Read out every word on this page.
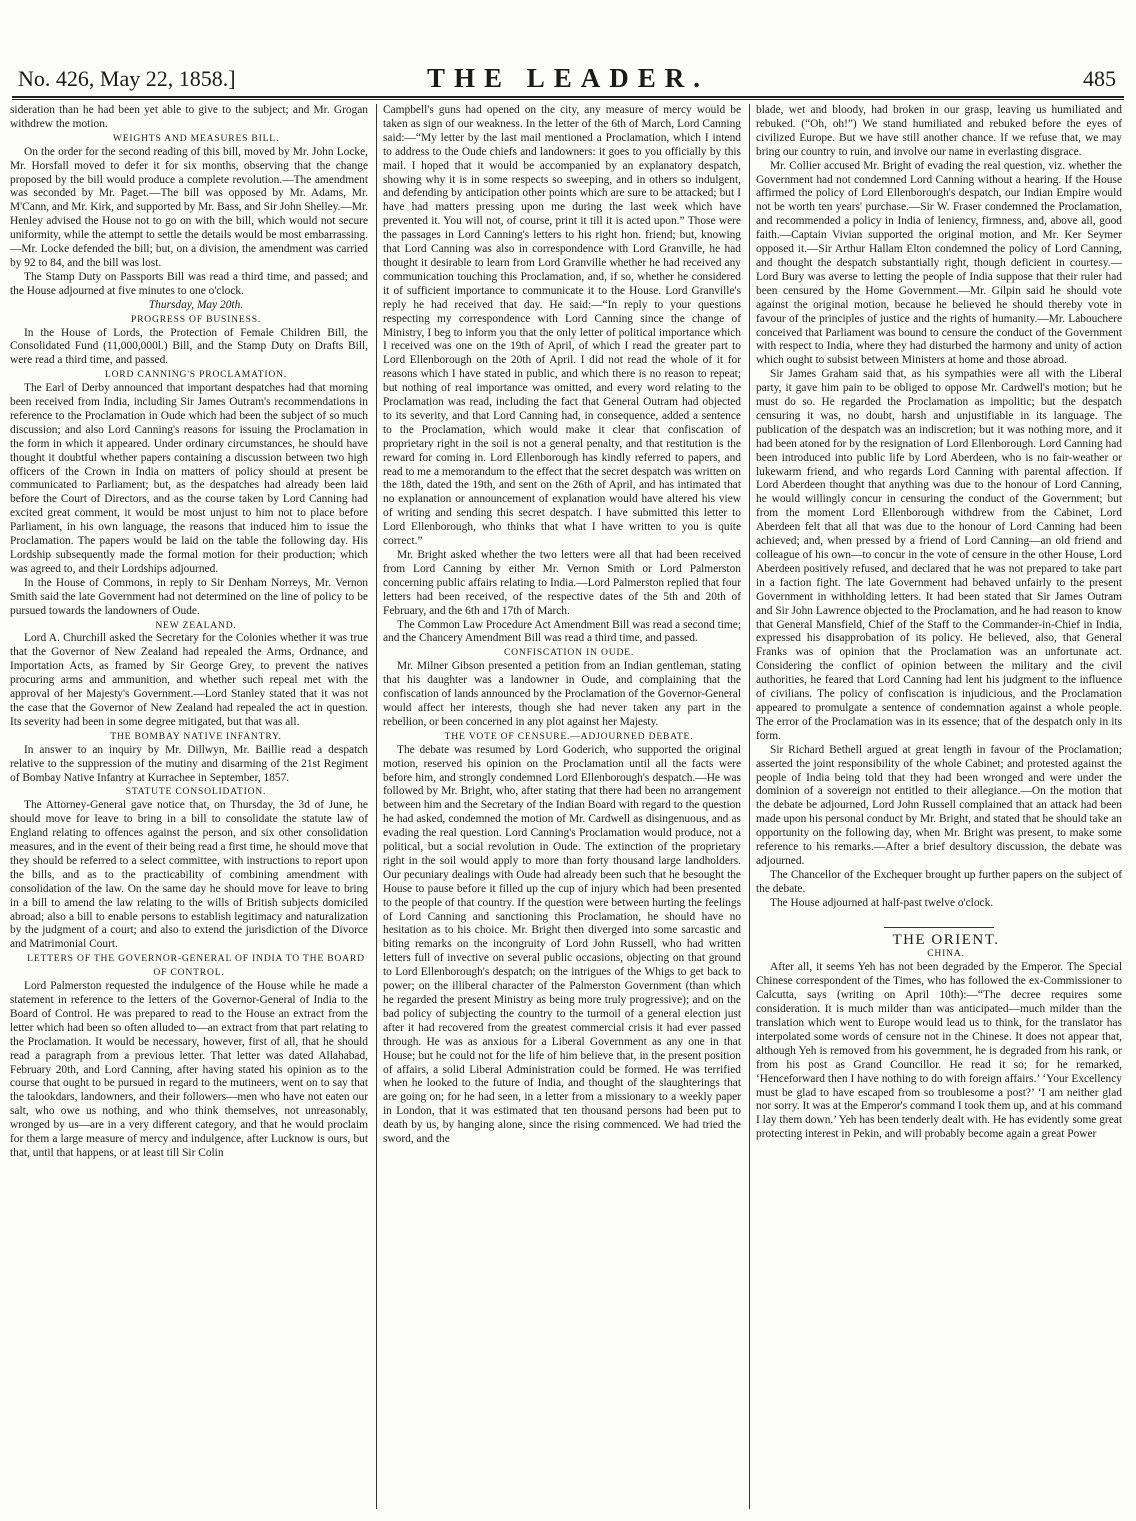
No. 426, May 22, 1858.]	THE LEADER.	485

sideration than he had been yet able to give to the subject; and Mr. Grogan withdrew the motion.

WEIGHTS AND MEASURES BILL.

On the order for the second reading of this bill, moved by Mr. John Locke, Mr. Horsfall moved to defer it for six months, observing that the change proposed by the bill would produce a complete revolution.—The amendment was seconded by Mr. Paget.—The bill was opposed by Mr. Adams, Mr. M'Cann, and Mr. Kirk, and supported by Mr. Bass, and Sir John Shelley.—Mr. Henley advised the House not to go on with the bill, which would not secure uniformity, while the attempt to settle the details would be most embarrassing.—Mr. Locke defended the bill; but, on a division, the amendment was carried by 92 to 84, and the bill was lost.

The Stamp Duty on Passports Bill was read a third time, and passed; and the House adjourned at five minutes to one o'clock.

Thursday, May 20th.

PROGRESS OF BUSINESS.

In the House of Lords, the Protection of Female Children Bill, the Consolidated Fund (11,000,000l.) Bill, and the Stamp Duty on Drafts Bill, were read a third time, and passed.

LORD CANNING'S PROCLAMATION.

The Earl of Derby announced that important despatches had that morning been received from India, including Sir James Outram's recommendations in reference to the Proclamation in Oude which had been the subject of so much discussion; and also Lord Canning's reasons for issuing the Proclamation in the form in which it appeared. Under ordinary circumstances, he should have thought it doubtful whether papers containing a discussion between two high officers of the Crown in India on matters of policy should at present be communicated to Parliament; but, as the despatches had already been laid before the Court of Directors, and as the course taken by Lord Canning had excited great comment, it would be most unjust to him not to place before Parliament, in his own language, the reasons that induced him to issue the Proclamation. The papers would be laid on the table the following day. His Lordship subsequently made the formal motion for their production; which was agreed to, and their Lordships adjourned.

In the House of Commons, in reply to Sir Denham Norreys, Mr. Vernon Smith said the late Government had not determined on the line of policy to be pursued towards the landowners of Oude.

NEW ZEALAND.

Lord A. Churchill asked the Secretary for the Colonies whether it was true that the Governor of New Zealand had repealed the Arms, Ordnance, and Importation Acts, as framed by Sir George Grey, to prevent the natives procuring arms and ammunition, and whether such repeal met with the approval of her Majesty's Government.—Lord Stanley stated that it was not the case that the Governor of New Zealand had repealed the act in question. Its severity had been in some degree mitigated, but that was all.

THE BOMBAY NATIVE INFANTRY.

In answer to an inquiry by Mr. Dillwyn, Mr. Baillie read a despatch relative to the suppression of the mutiny and disarming of the 21st Regiment of Bombay Native Infantry at Kurrachee in September, 1857.

STATUTE CONSOLIDATION.

The Attorney-General gave notice that, on Thursday, the 3d of June, he should move for leave to bring in a bill to consolidate the statute law of England relating to offences against the person, and six other consolidation measures, and in the event of their being read a first time, he should move that they should be referred to a select committee, with instructions to report upon the bills, and as to the practicability of combining amendment with consolidation of the law. On the same day he should move for leave to bring in a bill to amend the law relating to the wills of British subjects domiciled abroad; also a bill to enable persons to establish legitimacy and naturalization by the judgment of a court; and also to extend the jurisdiction of the Divorce and Matrimonial Court.

LETTERS OF THE GOVERNOR-GENERAL OF INDIA TO THE BOARD OF CONTROL.

Lord Palmerston requested the indulgence of the House while he made a statement in reference to the letters of the Governor-General of India to the Board of Control. He was prepared to read to the House an extract from the letter which had been so often alluded to—an extract from that part relating to the Proclamation. It would be necessary, however, first of all, that he should read a paragraph from a previous letter. That letter was dated Allahabad, February 20th, and Lord Canning, after having stated his opinion as to the course that ought to be pursued in regard to the mutineers, went on to say that the talookdars, landowners, and their followers—men who have not eaten our salt, who owe us nothing, and who think themselves, not unreasonably, wronged by us—are in a very different category, and that he would proclaim for them a large measure of mercy and indulgence, after Lucknow is ours, but that, until that happens, or at least till Sir Colin

Campbell's guns had opened on the city, any measure of mercy would be taken as sign of our weakness. In the letter of the 6th of March, Lord Canning said:—“My letter by the last mail mentioned a Proclamation, which I intend to address to the Oude chiefs and landowners: it goes to you officially by this mail. I hoped that it would be accompanied by an explanatory despatch, showing why it is in some respects so sweeping, and in others so indulgent, and defending by anticipation other points which are sure to be attacked; but I have had matters pressing upon me during the last week which have prevented it. You will not, of course, print it till it is acted upon.” Those were the passages in Lord Canning's letters to his right hon. friend; but, knowing that Lord Canning was also in correspondence with Lord Granville, he had thought it desirable to learn from Lord Granville whether he had received any communication touching this Proclamation, and, if so, whether he considered it of sufficient importance to communicate it to the House. Lord Granville's reply he had received that day. He said:—“In reply to your questions respecting my correspondence with Lord Canning since the change of Ministry, I beg to inform you that the only letter of political importance which I received was one on the 19th of April, of which I read the greater part to Lord Ellenborough on the 20th of April. I did not read the whole of it for reasons which I have stated in public, and which there is no reason to repeat; but nothing of real importance was omitted, and every word relating to the Proclamation was read, including the fact that General Outram had objected to its severity, and that Lord Canning had, in consequence, added a sentence to the Proclamation, which would make it clear that confiscation of proprietary right in the soil is not a general penalty, and that restitution is the reward for coming in. Lord Ellenborough has kindly referred to papers, and read to me a memorandum to the effect that the secret despatch was written on the 18th, dated the 19th, and sent on the 26th of April, and has intimated that no explanation or announcement of explanation would have altered his view of writing and sending this secret despatch. I have submitted this letter to Lord Ellenborough, who thinks that what I have written to you is quite correct.”

Mr. Bright asked whether the two letters were all that had been received from Lord Canning by either Mr. Vernon Smith or Lord Palmerston concerning public affairs relating to India.—Lord Palmerston replied that four letters had been received, of the respective dates of the 5th and 20th of February, and the 6th and 17th of March.

The Common Law Procedure Act Amendment Bill was read a second time; and the Chancery Amendment Bill was read a third time, and passed.

CONFISCATION IN OUDE.

Mr. Milner Gibson presented a petition from an Indian gentleman, stating that his daughter was a landowner in Oude, and complaining that the confiscation of lands announced by the Proclamation of the Governor-General would affect her interests, though she had never taken any part in the rebellion, or been concerned in any plot against her Majesty.

THE VOTE OF CENSURE.—ADJOURNED DEBATE.

The debate was resumed by Lord Goderich, who supported the original motion, reserved his opinion on the Proclamation until all the facts were before him, and strongly condemned Lord Ellenborough's despatch.—He was followed by Mr. Bright, who, after stating that there had been no arrangement between him and the Secretary of the Indian Board with regard to the question he had asked, condemned the motion of Mr. Cardwell as disingenuous, and as evading the real question. Lord Canning's Proclamation would produce, not a political, but a social revolution in Oude. The extinction of the proprietary right in the soil would apply to more than forty thousand large landholders. Our pecuniary dealings with Oude had already been such that he besought the House to pause before it filled up the cup of injury which had been presented to the people of that country. If the question were between hurting the feelings of Lord Canning and sanctioning this Proclamation, he should have no hesitation as to his choice. Mr. Bright then diverged into some sarcastic and biting remarks on the incongruity of Lord John Russell, who had written letters full of invective on several public occasions, objecting on that ground to Lord Ellenborough's despatch; on the intrigues of the Whigs to get back to power; on the illiberal character of the Palmerston Government (than which he regarded the present Ministry as being more truly progressive); and on the bad policy of subjecting the country to the turmoil of a general election just after it had recovered from the greatest commercial crisis it had ever passed through. He was as anxious for a Liberal Government as any one in that House; but he could not for the life of him believe that, in the present position of affairs, a solid Liberal Administration could be formed. He was terrified when he looked to the future of India, and thought of the slaughterings that are going on; for he had seen, in a letter from a missionary to a weekly paper in London, that it was estimated that ten thousand persons had been put to death by us, by hanging alone, since the rising commenced. We had tried the sword, and the

blade, wet and bloody, had broken in our grasp, leaving us humiliated and rebuked. (“Oh, oh!”) We stand humiliated and rebuked before the eyes of civilized Europe. But we have still another chance. If we refuse that, we may bring our country to ruin, and involve our name in everlasting disgrace.

Mr. Collier accused Mr. Bright of evading the real question, viz. whether the Government had not condemned Lord Canning without a hearing. If the House affirmed the policy of Lord Ellenborough's despatch, our Indian Empire would not be worth ten years' purchase.—Sir W. Fraser condemned the Proclamation, and recommended a policy in India of leniency, firmness, and, above all, good faith.—Captain Vivian supported the original motion, and Mr. Ker Seymer opposed it.—Sir Arthur Hallam Elton condemned the policy of Lord Canning, and thought the despatch substantially right, though deficient in courtesy.—Lord Bury was averse to letting the people of India suppose that their ruler had been censured by the Home Government.—Mr. Gilpin said he should vote against the original motion, because he believed he should thereby vote in favour of the principles of justice and the rights of humanity.—Mr. Labouchere conceived that Parliament was bound to censure the conduct of the Government with respect to India, where they had disturbed the harmony and unity of action which ought to subsist between Ministers at home and those abroad.

Sir James Graham said that, as his sympathies were all with the Liberal party, it gave him pain to be obliged to oppose Mr. Cardwell's motion; but he must do so. He regarded the Proclamation as impolitic; but the despatch censuring it was, no doubt, harsh and unjustifiable in its language. The publication of the despatch was an indiscretion; but it was nothing more, and it had been atoned for by the resignation of Lord Ellenborough. Lord Canning had been introduced into public life by Lord Aberdeen, who is no fair-weather or lukewarm friend, and who regards Lord Canning with parental affection. If Lord Aberdeen thought that anything was due to the honour of Lord Canning, he would willingly concur in censuring the conduct of the Government; but from the moment Lord Ellenborough withdrew from the Cabinet, Lord Aberdeen felt that all that was due to the honour of Lord Canning had been achieved; and, when pressed by a friend of Lord Canning—an old friend and colleague of his own—to concur in the vote of censure in the other House, Lord Aberdeen positively refused, and declared that he was not prepared to take part in a faction fight. The late Government had behaved unfairly to the present Government in withholding letters. It had been stated that Sir James Outram and Sir John Lawrence objected to the Proclamation, and he had reason to know that General Mansfield, Chief of the Staff to the Commander-in-Chief in India, expressed his disapprobation of its policy. He believed, also, that General Franks was of opinion that the Proclamation was an unfortunate act. Considering the conflict of opinion between the military and the civil authorities, he feared that Lord Canning had lent his judgment to the influence of civilians. The policy of confiscation is injudicious, and the Proclamation appeared to promulgate a sentence of condemnation against a whole people. The error of the Proclamation was in its essence; that of the despatch only in its form.

Sir Richard Bethell argued at great length in favour of the Proclamation; asserted the joint responsibility of the whole Cabinet; and protested against the people of India being told that they had been wronged and were under the dominion of a sovereign not entitled to their allegiance.—On the motion that the debate be adjourned, Lord John Russell complained that an attack had been made upon his personal conduct by Mr. Bright, and stated that he should take an opportunity on the following day, when Mr. Bright was present, to make some reference to his remarks.—After a brief desultory discussion, the debate was adjourned.

The Chancellor of the Exchequer brought up further papers on the subject of the debate.

The House adjourned at half-past twelve o'clock.

THE ORIENT.

CHINA.

After all, it seems Yeh has not been degraded by the Emperor. The Special Chinese correspondent of the Times, who has followed the ex-Commissioner to Calcutta, says (writing on April 10th):—“The decree requires some consideration. It is much milder than was anticipated—much milder than the translation which went to Europe would lead us to think, for the translator has interpolated some words of censure not in the Chinese. It does not appear that, although Yeh is removed from his government, he is degraded from his rank, or from his post as Grand Councillor. He read it so; for he remarked, ‘Henceforward then I have nothing to do with foreign affairs.’ ‘Your Excellency must be glad to have escaped from so troublesome a post?’ ‘I am neither glad nor sorry. It was at the Emperor's command I took them up, and at his command I lay them down.’ Yeh has been tenderly dealt with. He has evidently some great protecting interest in Pekin, and will probably become again a great Power
